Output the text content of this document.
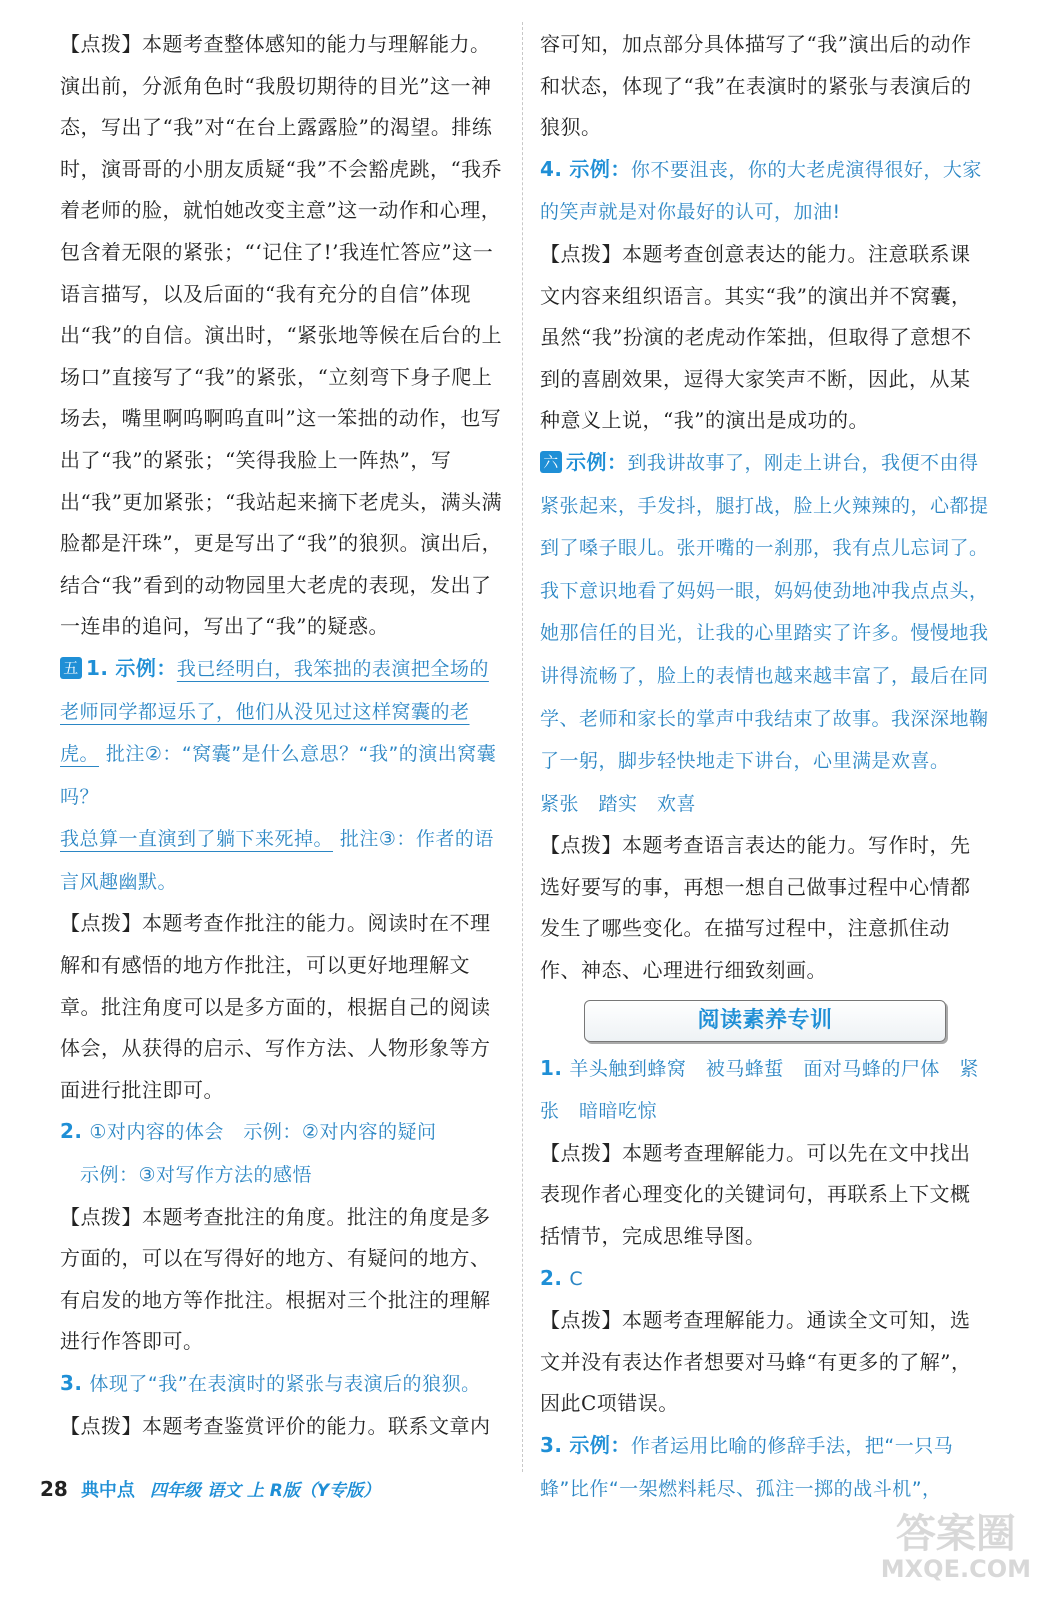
【点拨】本题考查整体感知的能力与理解能力。演出前，分派角色时“我殷切期待的目光”这一神态，写出了“我”对“在台上露露脸”的渴望。排练时，演哥哥的小朋友质疑“我”不会豁虎跳，“我乔着老师的脸，就怕她改变主意”这一动作和心理，包含着无限的紧张；“‘记住了!’我连忙答应”这一语言描写，以及后面的“我有充分的自信”体现出“我”的自信。演出时，“紧张地等候在后台的上场口”直接写了“我”的紧张，“立刻弯下身子爬上场去，嘴里啊呜啊呜直叫”这一笨拙的动作，也写出了“我”的紧张；“笑得我脸上一阵热”，写出“我”更加紧张；“我站起来摘下老虎头，满头满脸都是汗珠”，更是写出了“我”的狼狈。演出后，结合“我”看到的动物园里大老虎的表现，发出了一连串的追问，写出了“我”的疑惑。

五 1. 示例：我已经明白，我笨拙的表演把全场的老师同学都逗乐了，他们从没见过这样窝囊的老虎。 批注②：“窝囊”是什么意思？“我”的演出窝囊吗？

我总算一直演到了躺下来死掉。 批注③：作者的语言风趣幽默。

【点拨】本题考查作批注的能力。阅读时在不理解和有感悟的地方作批注，可以更好地理解文章。批注角度可以是多方面的，根据自己的阅读体会，从获得的启示、写作方法、人物形象等方面进行批注即可。

2. ①对内容的体会　示例：②对内容的疑问

示例：③对写作方法的感悟

【点拨】本题考查批注的角度。批注的角度是多方面的，可以在写得好的地方、有疑问的地方、有启发的地方等作批注。根据对三个批注的理解进行作答即可。

3. 体现了“我”在表演时的紧张与表演后的狼狈。

【点拨】本题考查鉴赏评价的能力。联系文章内

容可知，加点部分具体描写了“我”演出后的动作和状态，体现了“我”在表演时的紧张与表演后的狼狈。

4. 示例：你不要沮丧，你的大老虎演得很好，大家的笑声就是对你最好的认可，加油!

【点拨】本题考查创意表达的能力。注意联系课文内容来组织语言。其实“我”的演出并不窝囊，虽然“我”扮演的老虎动作笨拙，但取得了意想不到的喜剧效果，逗得大家笑声不断，因此，从某种意义上说，“我”的演出是成功的。

六 示例：到我讲故事了，刚走上讲台，我便不由得紧张起来，手发抖，腿打战，脸上火辣辣的，心都提到了嗓子眼儿。张开嘴的一刹那，我有点儿忘词了。我下意识地看了妈妈一眼，妈妈使劲地冲我点点头，她那信任的目光，让我的心里踏实了许多。慢慢地我讲得流畅了，脸上的表情也越来越丰富了，最后在同学、老师和家长的掌声中我结束了故事。我深深地鞠了一躬，脚步轻快地走下讲台，心里满是欢喜。

紧张　踏实　欢喜

【点拨】本题考查语言表达的能力。写作时，先选好要写的事，再想一想自己做事过程中心情都发生了哪些变化。在描写过程中，注意抓住动作、神态、心理进行细致刻画。

阅读素养专训

1. 羊头触到蜂窝　被马蜂蜇　面对马蜂的尸体　紧张　暗暗吃惊

【点拨】本题考查理解能力。可以先在文中找出表现作者心理变化的关键词句，再联系上下文概括情节，完成思维导图。

2. C

【点拨】本题考查理解能力。通读全文可知，选文并没有表达作者想要对马蜂“有更多的了解”，因此C项错误。

3. 示例：作者运用比喻的修辞手法，把“一只马蜂”比作“一架燃料耗尽、孤注一掷的战斗机”，

28 典中点 四年级 语文 上 R版（Y专版）
答案圈
MXQE.COM
